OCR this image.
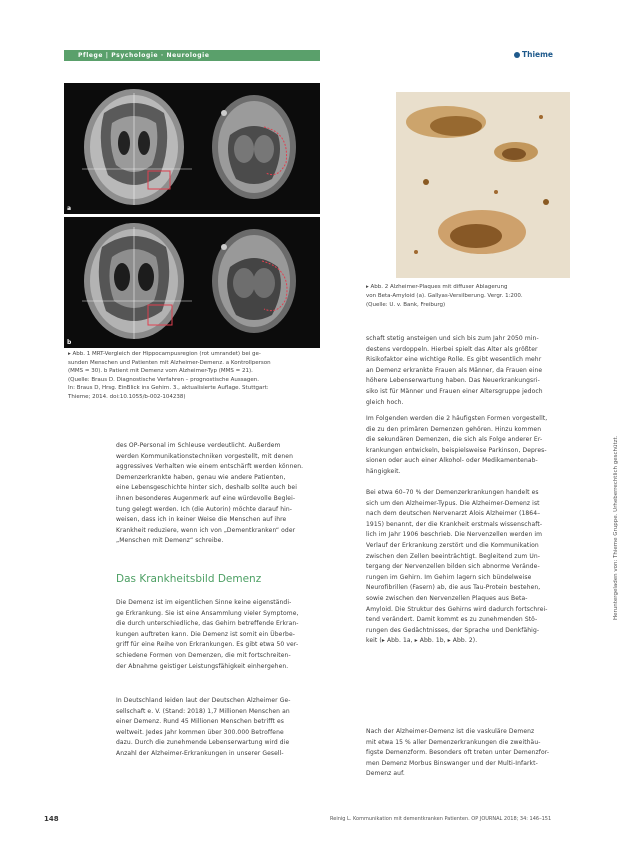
Pflege | Psychologie · Neurologie	Thieme
a
b
▸ Abb. 1 MRT-Vergleich der Hippocampusregion (rot umrandet) bei ge-
sunden Menschen und Patienten mit Alzheimer-Demenz. a Kontrollperson
(MMS = 30). b Patient mit Demenz vom Alzheimer-Typ (MMS = 21).
(Quelle: Braus D. Diagnostische Verfahren – prognostische Aussagen.
In: Braus D, Hrsg. EinBlick ins Gehirn. 3., aktualisierte Auflage. Stuttgart:
Thieme; 2014. doi:10.1055/b-002-104238)
▸ Abb. 2 Alzheimer-Plaques mit diffuser Ablagerung
von Beta-Amyloid (a). Gallyas-Versilberung. Vergr. 1:200.
(Quelle: U. v. Bank, Freiburg)
des OP-Personal im Schleuse verdeutlicht. Außerdem
werden Kommunikationstechniken vorgestellt, mit denen
aggressives Verhalten wie einem entschärft werden können.
Demenzerkrankte haben, genau wie andere Patienten,
eine Lebensgeschichte hinter sich, deshalb sollte auch bei
ihnen besonderes Augenmerk auf eine würdevolle Beglei-
tung gelegt werden. Ich (die Autorin) möchte darauf hin-
weisen, dass ich in keiner Weise die Menschen auf ihre
Krankheit reduziere, wenn ich von „Dementkranken“ oder
„Menschen mit Demenz“ schreibe.
Das Krankheitsbild Demenz
Die Demenz ist im eigentlichen Sinne keine eigenständi-
ge Erkrankung. Sie ist eine Ansammlung vieler Symptome,
die durch unterschiedliche, das Gehirn betreffende Erkran-
kungen auftreten kann. Die Demenz ist somit ein Überbe-
griff für eine Reihe von Erkrankungen. Es gibt etwa 50 ver-
schiedene Formen von Demenzen, die mit fortschreiten-
der Abnahme geistiger Leistungsfähigkeit einhergehen.
In Deutschland leiden laut der Deutschen Alzheimer Ge-
sellschaft e. V. (Stand: 2018) 1,7 Millionen Menschen an
einer Demenz. Rund 45 Millionen Menschen betrifft es
weltweit. Jedes Jahr kommen über 300.000 Betroffene
dazu. Durch die zunehmende Lebenserwartung wird die
Anzahl der Alzheimer-Erkrankungen in unserer Gesell-
schaft stetig ansteigen und sich bis zum Jahr 2050 min-
destens verdoppeln. Hierbei spielt das Alter als größter
Risikofaktor eine wichtige Rolle. Es gibt wesentlich mehr
an Demenz erkrankte Frauen als Männer, da Frauen eine
höhere Lebenserwartung haben. Das Neuerkrankungsri-
siko ist für Männer und Frauen einer Altersgruppe jedoch
gleich hoch.
Im Folgenden werden die 2 häufigsten Formen vorgestellt,
die zu den primären Demenzen gehören. Hinzu kommen
die sekundären Demenzen, die sich als Folge anderer Er-
krankungen entwickeln, beispielsweise Parkinson, Depres-
sionen oder auch einer Alkohol- oder Medikamentenab-
hängigkeit.
Bei etwa 60–70 % der Demenzerkrankungen handelt es
sich um den Alzheimer-Typus. Die Alzheimer-Demenz ist
nach dem deutschen Nervenarzt Alois Alzheimer (1864–
1915) benannt, der die Krankheit erstmals wissenschaft-
lich im Jahr 1906 beschrieb. Die Nervenzellen werden im
Verlauf der Erkrankung zerstört und die Kommunikation
zwischen den Zellen beeinträchtigt. Begleitend zum Un-
tergang der Nervenzellen bilden sich abnorme Verände-
rungen im Gehirn. Im Gehirn lagern sich bündelweise
Neurofibrillen (Fasern) ab, die aus Tau-Protein bestehen,
sowie zwischen den Nervenzellen Plaques aus Beta-
Amyloid. Die Struktur des Gehirns wird dadurch fortschrei-
tend verändert. Damit kommt es zu zunehmenden Stö-
rungen des Gedächtnisses, der Sprache und Denkfähig-
keit (▸ Abb. 1a, ▸ Abb. 1b, ▸ Abb. 2).
Nach der Alzheimer-Demenz ist die vaskuläre Demenz
mit etwa 15 % aller Demenzerkrankungen die zweithäu-
figste Demenzform. Besonders oft treten unter Demenzfor-
men Demenz Morbus Binswanger und der Multi-Infarkt-
Demenz auf.
148	Reinig L. Kommunikation mit dementkranken Patienten. OP JOURNAL 2018; 34: 146–151
Heruntergeladen von: Thieme Gruppe. Urheberrechtlich geschützt.
